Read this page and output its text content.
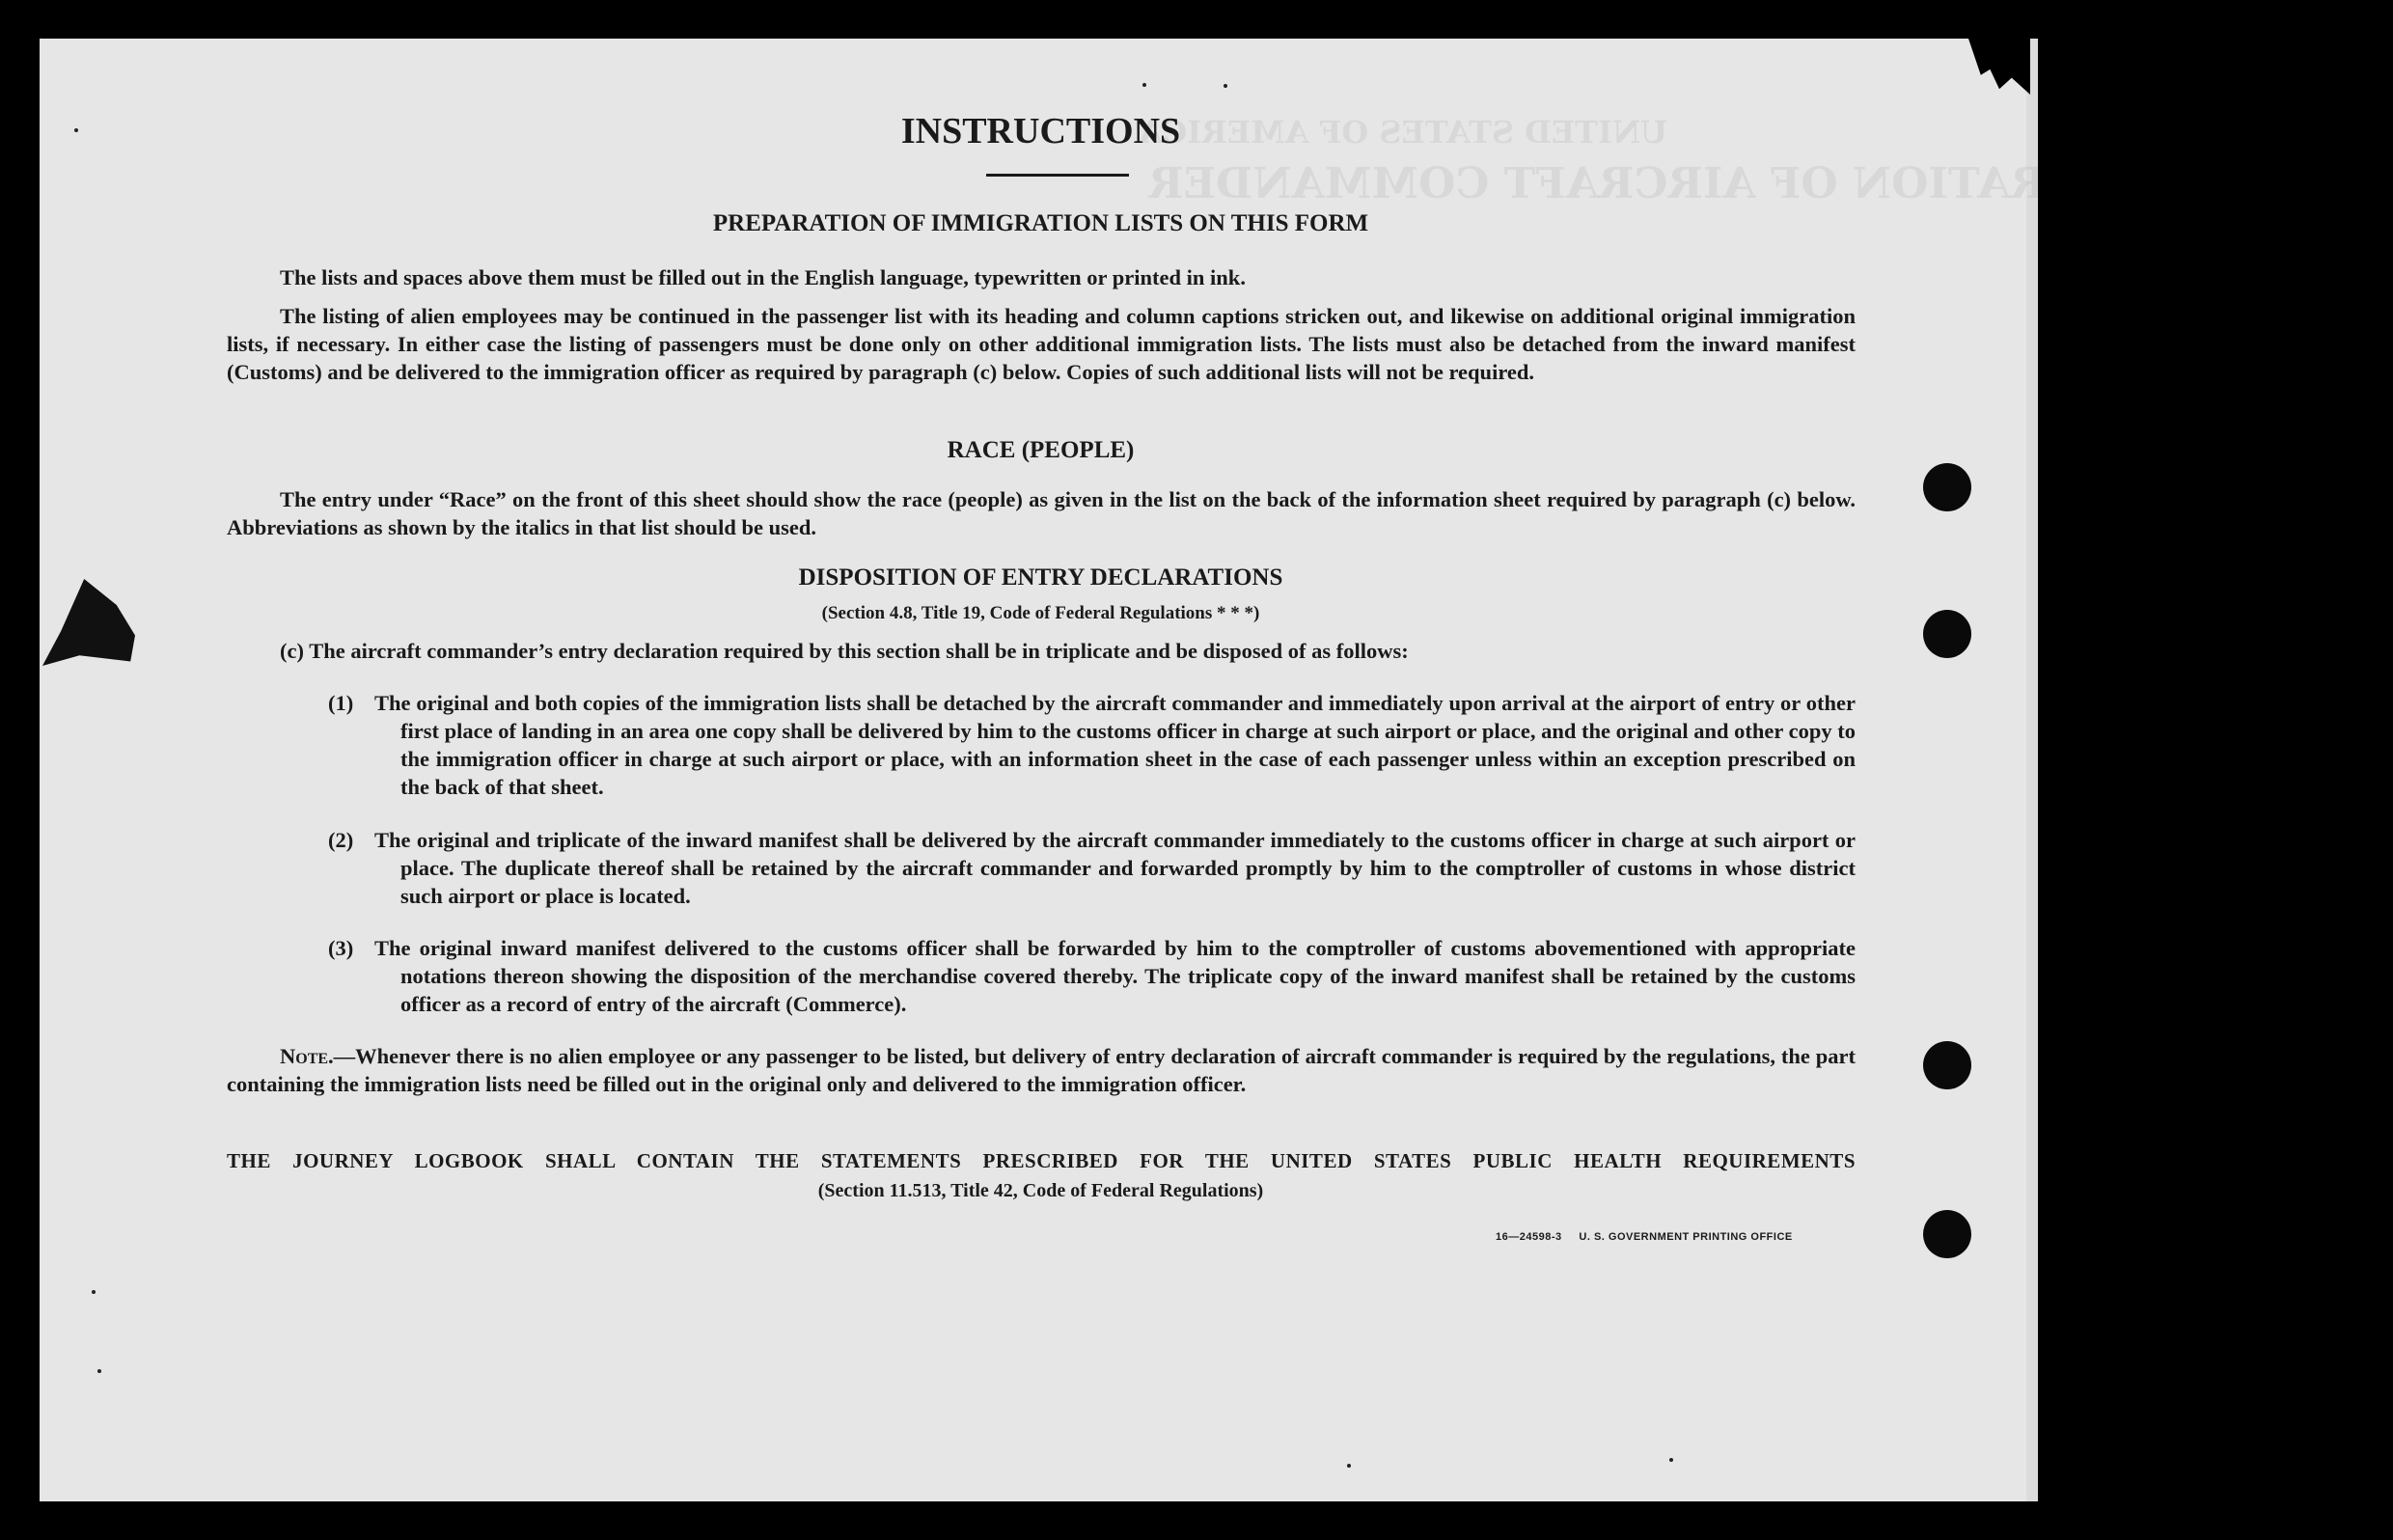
UNITED STATES OF AMERICA
ENTRY DECLARATION OF AIRCRAFT COMMANDER
INSTRUCTIONS
PREPARATION OF IMMIGRATION LISTS ON THIS FORM

The lists and spaces above them must be filled out in the English language, typewritten or printed in ink.

The listing of alien employees may be continued in the passenger list with its heading and column captions stricken out, and likewise on additional original immigration lists, if necessary. In either case the listing of passengers must be done only on other additional immigration lists. The lists must also be detached from the inward manifest (Customs) and be delivered to the immigration officer as required by paragraph (c) below. Copies of such additional lists will not be required.

RACE (PEOPLE)

The entry under “Race” on the front of this sheet should show the race (people) as given in the list on the back of the information sheet required by paragraph (c) below. Abbreviations as shown by the italics in that list should be used.

DISPOSITION OF ENTRY DECLARATIONS
(Section 4.8, Title 19, Code of Federal Regulations * * *)
(c) The aircraft commander’s entry declaration required by this section shall be in triplicate and be disposed of as follows:
(1) The original and both copies of the immigration lists shall be detached by the aircraft commander and immediately upon arrival at the airport of entry or other first place of landing in an area one copy shall be delivered by him to the customs officer in charge at such airport or place, and the original and other copy to the immigration officer in charge at such airport or place, with an information sheet in the case of each passenger unless within an exception prescribed on the back of that sheet.
(2) The original and triplicate of the inward manifest shall be delivered by the aircraft commander immediately to the customs officer in charge at such airport or place. The duplicate thereof shall be retained by the aircraft commander and forwarded promptly by him to the comptroller of customs in whose district such airport or place is located.
(3) The original inward manifest delivered to the customs officer shall be forwarded by him to the comptroller of customs abovementioned with appropriate notations thereon showing the disposition of the merchandise covered thereby. The triplicate copy of the inward manifest shall be retained by the customs officer as a record of entry of the aircraft (Commerce).

Note.—Whenever there is no alien employee or any passenger to be listed, but delivery of entry declaration of aircraft commander is required by the regulations, the part containing the immigration lists need be filled out in the original only and delivered to the immigration officer.

THE JOURNEY LOGBOOK SHALL CONTAIN THE STATEMENTS PRESCRIBED FOR THE UNITED STATES PUBLIC HEALTH REQUIREMENTS
(Section 11.513, Title 42, Code of Federal Regulations)
16—24598-3 U. S. GOVERNMENT PRINTING OFFICE
